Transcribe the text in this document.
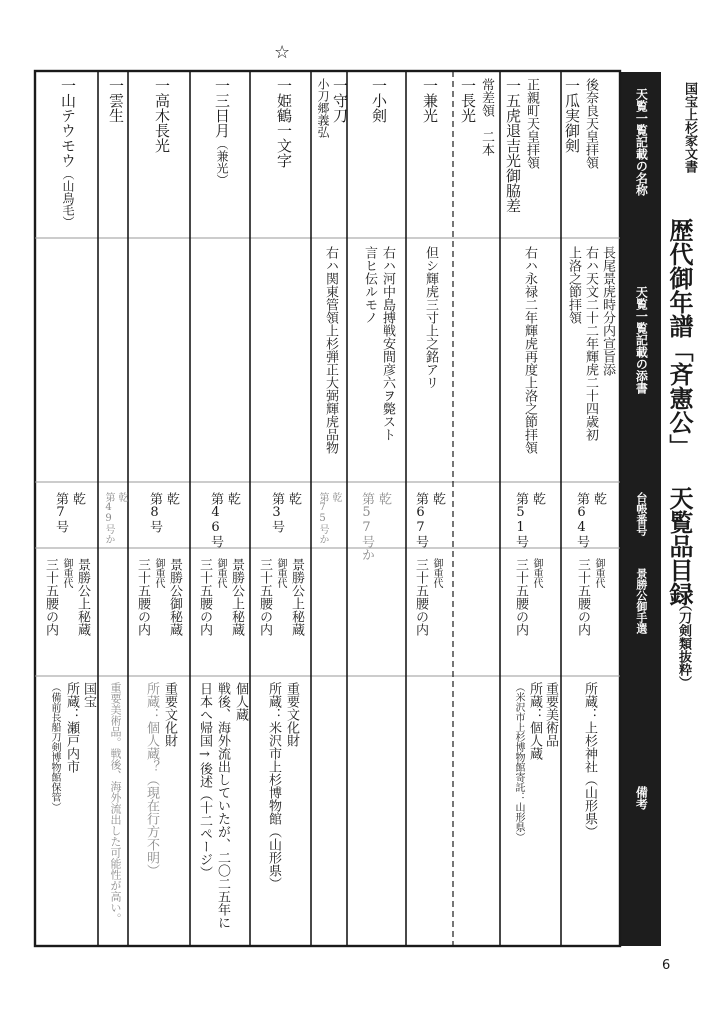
国宝上杉家文書
歴代御年譜「斉憲公」 天覧品目録
（刀剣類抜粋）
☆
天覧一覧記載の名称
天覧一覧記載の添書
台帳番号
景勝公御手選
備考
後奈良天皇拝領
一瓜実御剣
長尾景虎時分内宣旨添
右ハ天文二十二年輝虎二十四歳初
上洛之節拝領
乾
第64号
御重代
三十五腰の内
所蔵：上杉神社（山形県）
正親町天皇拝領
一五虎退吉光御脇差
右ハ永禄二年輝虎再度上洛之節拝領
乾
第51号
御重代
三十五腰の内
重要美術品
所蔵：個人蔵
（米沢市上杉博物館寄託：山形県）
常差領　二本
一長光
一兼光
但シ輝虎三寸上之銘アリ
乾
第67号
御重代
三十五腰の内
一小剣
右ハ河中島搏戦安間彦六ヲ斃スト
言ヒ伝ルモノ
乾
第57号か
一守刀
小刀郷義弘
右ハ関東管領上杉弾正大弼輝虎品物
乾
第75号か
一姫鶴一文字
乾
第3号
景勝公上秘蔵
御重代
三十五腰の内
重要文化財
所蔵：米沢市上杉博物館（山形県）
一三日月（兼光）
乾
第46号
景勝公上秘蔵
御重代
三十五腰の内
個人蔵
戦後、海外流出していたが、二〇二五年に
日本へ帰国→後述（十二ページ）
一高木長光
乾
第8号
景勝公御秘蔵
御重代
三十五腰の内
重要文化財
所蔵：個人蔵？（現在行方不明）
一雲生
乾
第49号か
重要美術品。戦後、海外流出した可能性が高い。
一山テウモウ（山鳥毛）
乾
第7号
景勝公上秘蔵
御重代
三十五腰の内
国宝
所蔵：瀬戸内市
（備前長船刀剣博物館保管）
6
